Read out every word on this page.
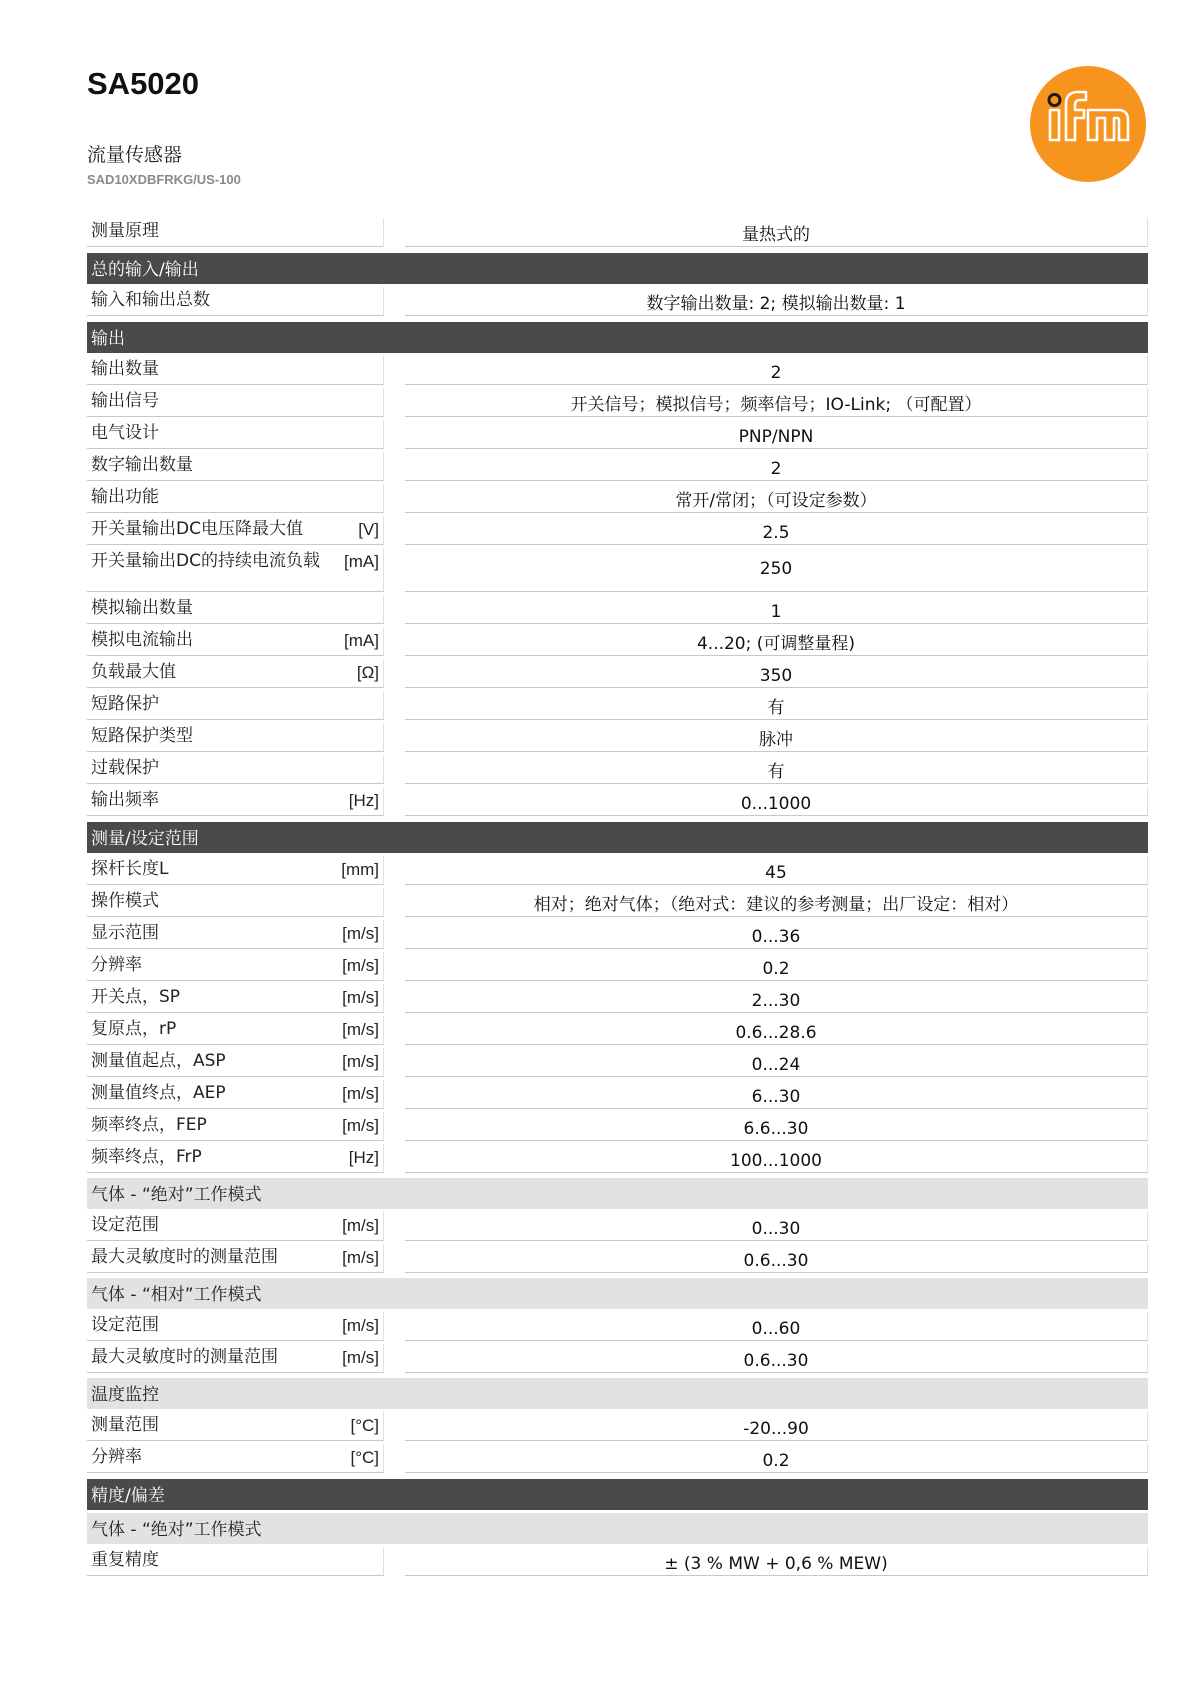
SA5020
流量传感器
SAD10XDBFRKG/US-100
测量原理	量热式的
总的输入/输出
输入和输出总数	数字输出数量: 2; 模拟输出数量: 1
输出
输出数量	2
输出信号	开关信号；模拟信号；频率信号；IO-Link; （可配置）
电气设计	PNP/NPN
数字输出数量	2
输出功能	常开/常闭；（可设定参数）
开关量输出DC电压降最大值	[V]	2.5
开关量输出DC的持续电流负载	[mA]	250
模拟输出数量	1
模拟电流输出	[mA]	4...20; (可调整量程)
负载最大值	[Ω]	350
短路保护	有
短路保护类型	脉冲
过载保护	有
输出频率	[Hz]	0...1000
测量/设定范围
探杆长度L	[mm]	45
操作模式	相对；绝对气体；（绝对式：建议的参考测量；出厂设定：相对）
显示范围	[m/s]	0...36
分辨率	[m/s]	0.2
开关点，SP	[m/s]	2...30
复原点，rP	[m/s]	0.6...28.6
测量值起点，ASP	[m/s]	0...24
测量值终点，AEP	[m/s]	6...30
频率终点，FEP	[m/s]	6.6...30
频率终点，FrP	[Hz]	100...1000
气体 - “绝对”工作模式
设定范围	[m/s]	0...30
最大灵敏度时的测量范围	[m/s]	0.6...30
气体 - “相对”工作模式
设定范围	[m/s]	0...60
最大灵敏度时的测量范围	[m/s]	0.6...30
温度监控
测量范围	[°C]	-20...90
分辨率	[°C]	0.2
精度/偏差
气体 - “绝对”工作模式
重复精度	± (3 % MW + 0,6 % MEW)
